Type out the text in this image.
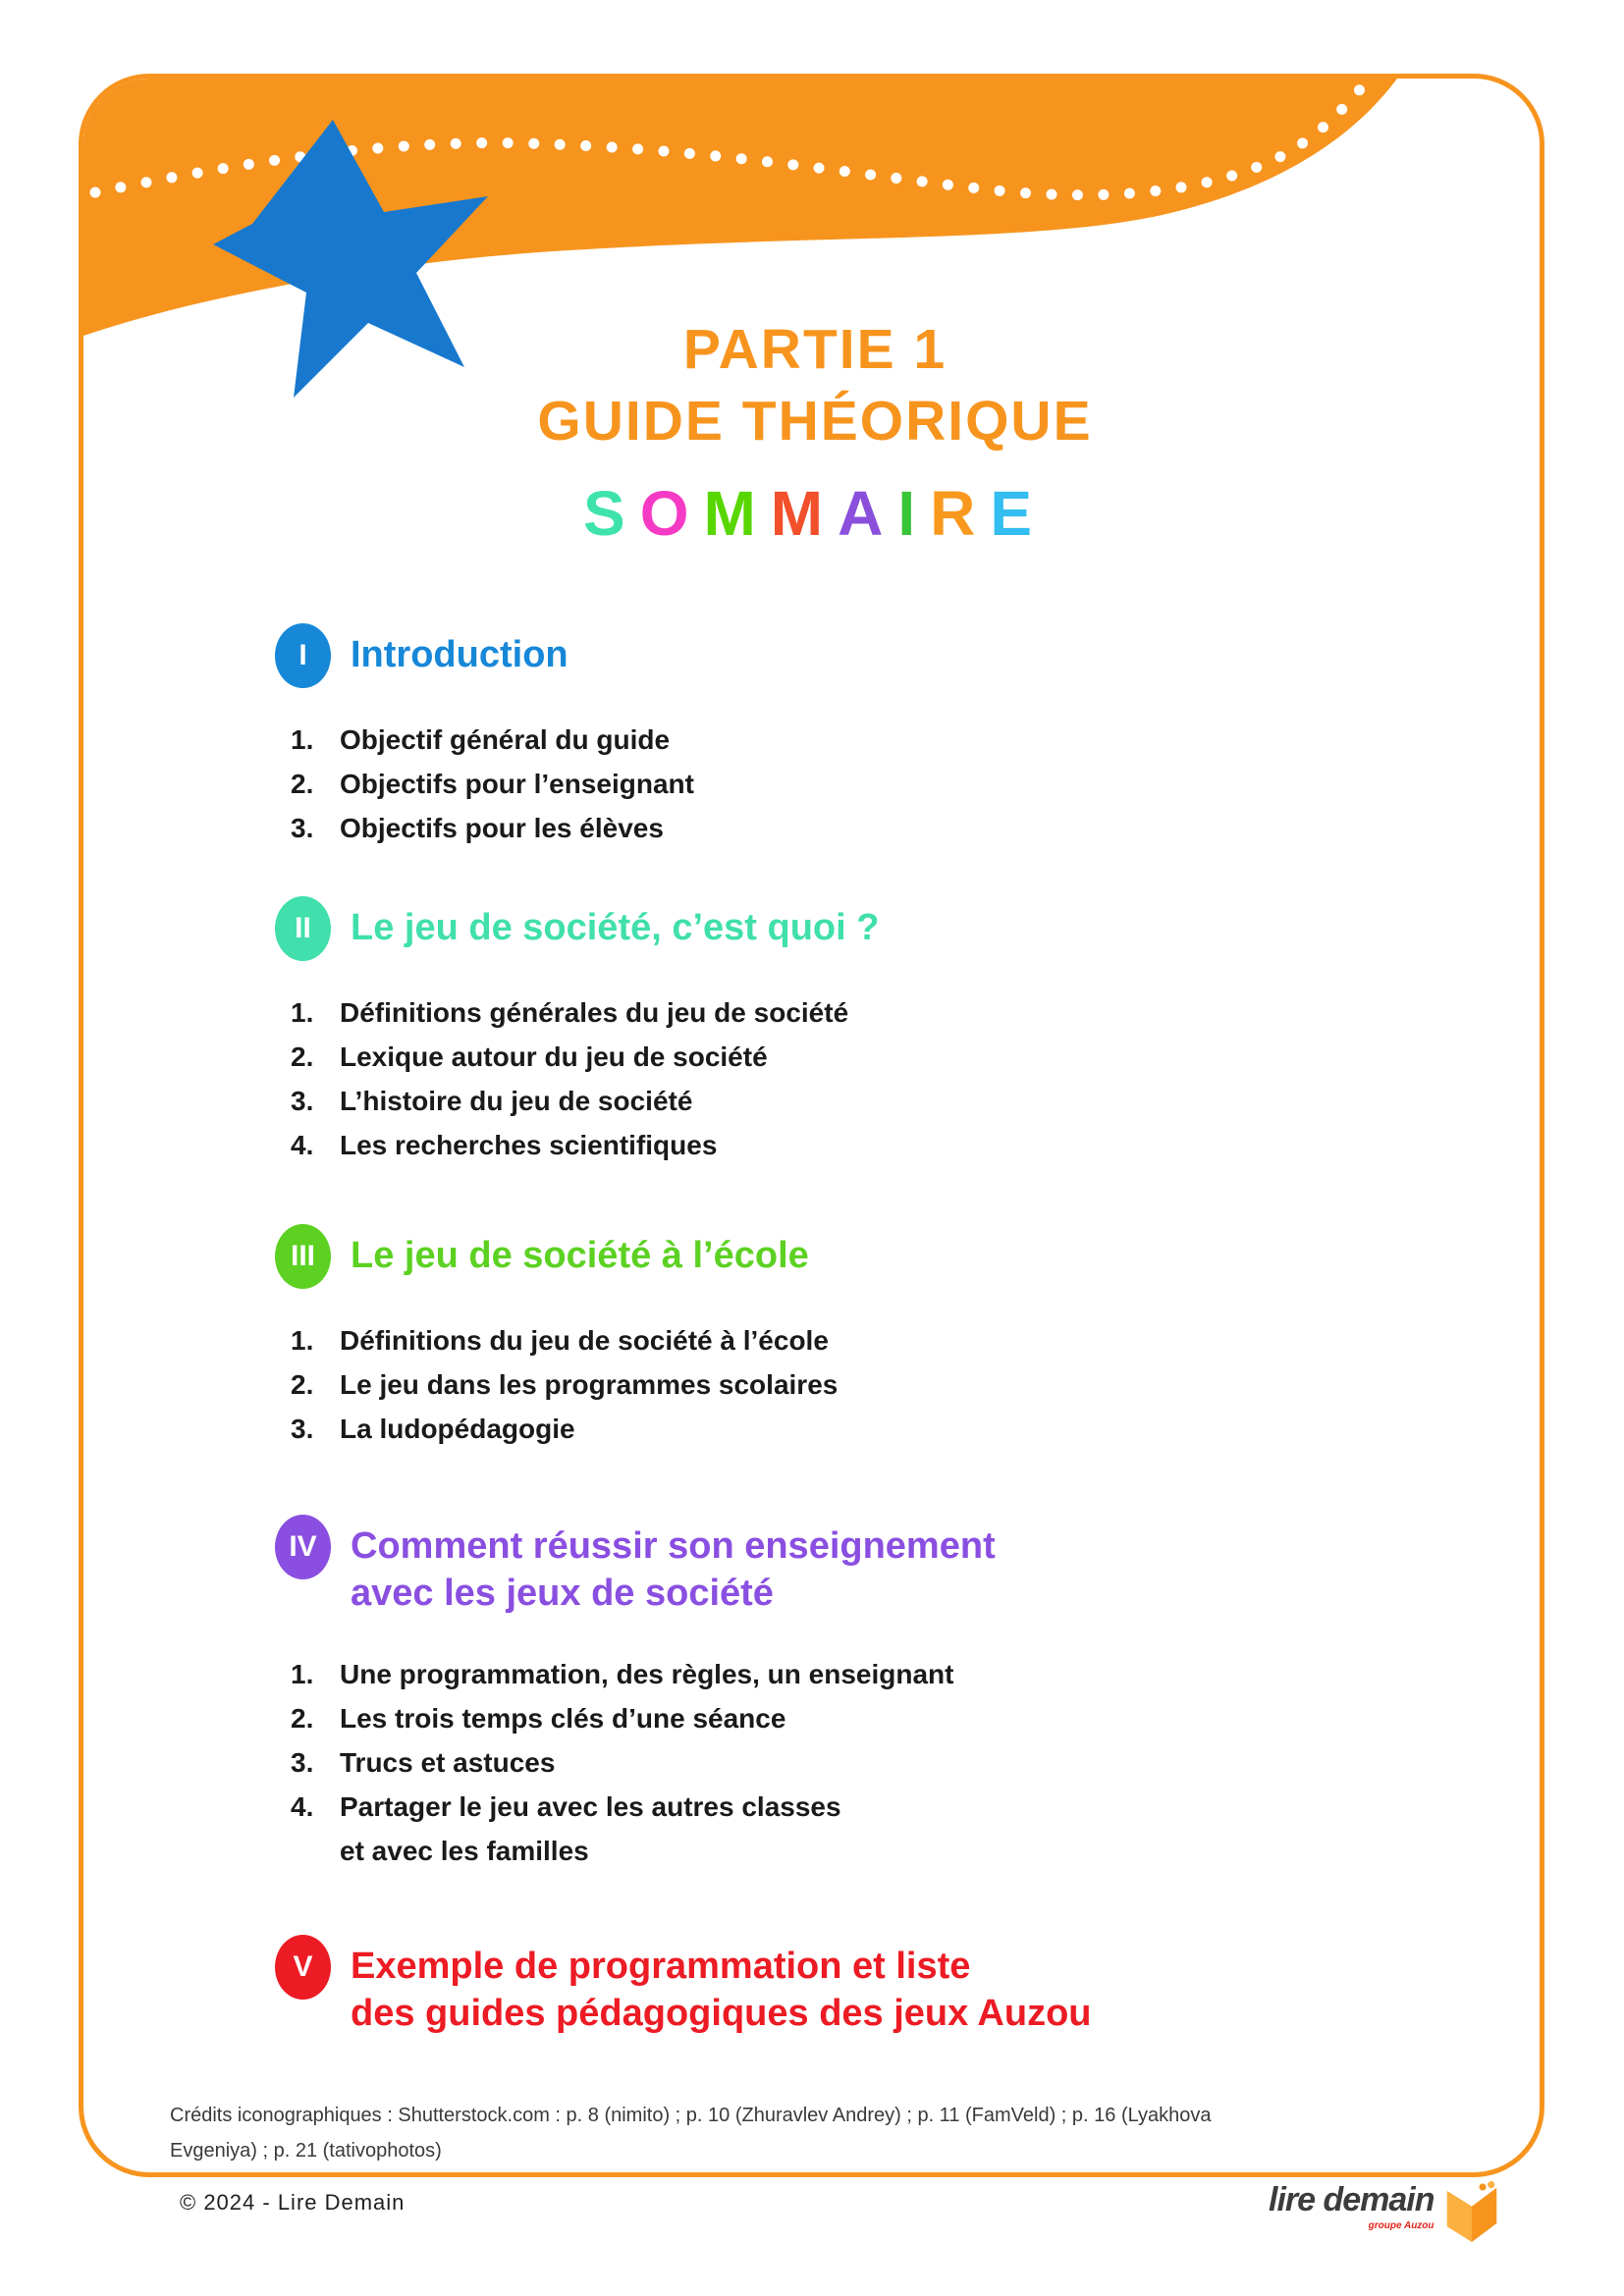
PARTIE 1
GUIDE THÉORIQUE
SOMMAIRE
I Introduction
1. Objectif général du guide
2. Objectifs pour l’enseignant
3. Objectifs pour les élèves
II Le jeu de société, c’est quoi ?
1. Définitions générales du jeu de société
2. Lexique autour du jeu de société
3. L’histoire du jeu de société
4. Les recherches scientifiques
III Le jeu de société à l’école
1. Définitions du jeu de société à l’école
2. Le jeu dans les programmes scolaires
3. La ludopédagogie
IV Comment réussir son enseignement
avec les jeux de société
1. Une programmation, des règles, un enseignant
2. Les trois temps clés d’une séance
3. Trucs et astuces
4. Partager le jeu avec les autres classes
et avec les familles
V Exemple de programmation et liste
des guides pédagogiques des jeux Auzou
Crédits iconographiques : Shutterstock.com : p. 8 (nimito) ; p. 10 (Zhuravlev Andrey) ; p. 11 (FamVeld) ; p. 16 (Lyakhova
Evgeniya) ; p. 21 (tativophotos)
© 2024 - Lire Demain	lire demain
groupe Auzou
